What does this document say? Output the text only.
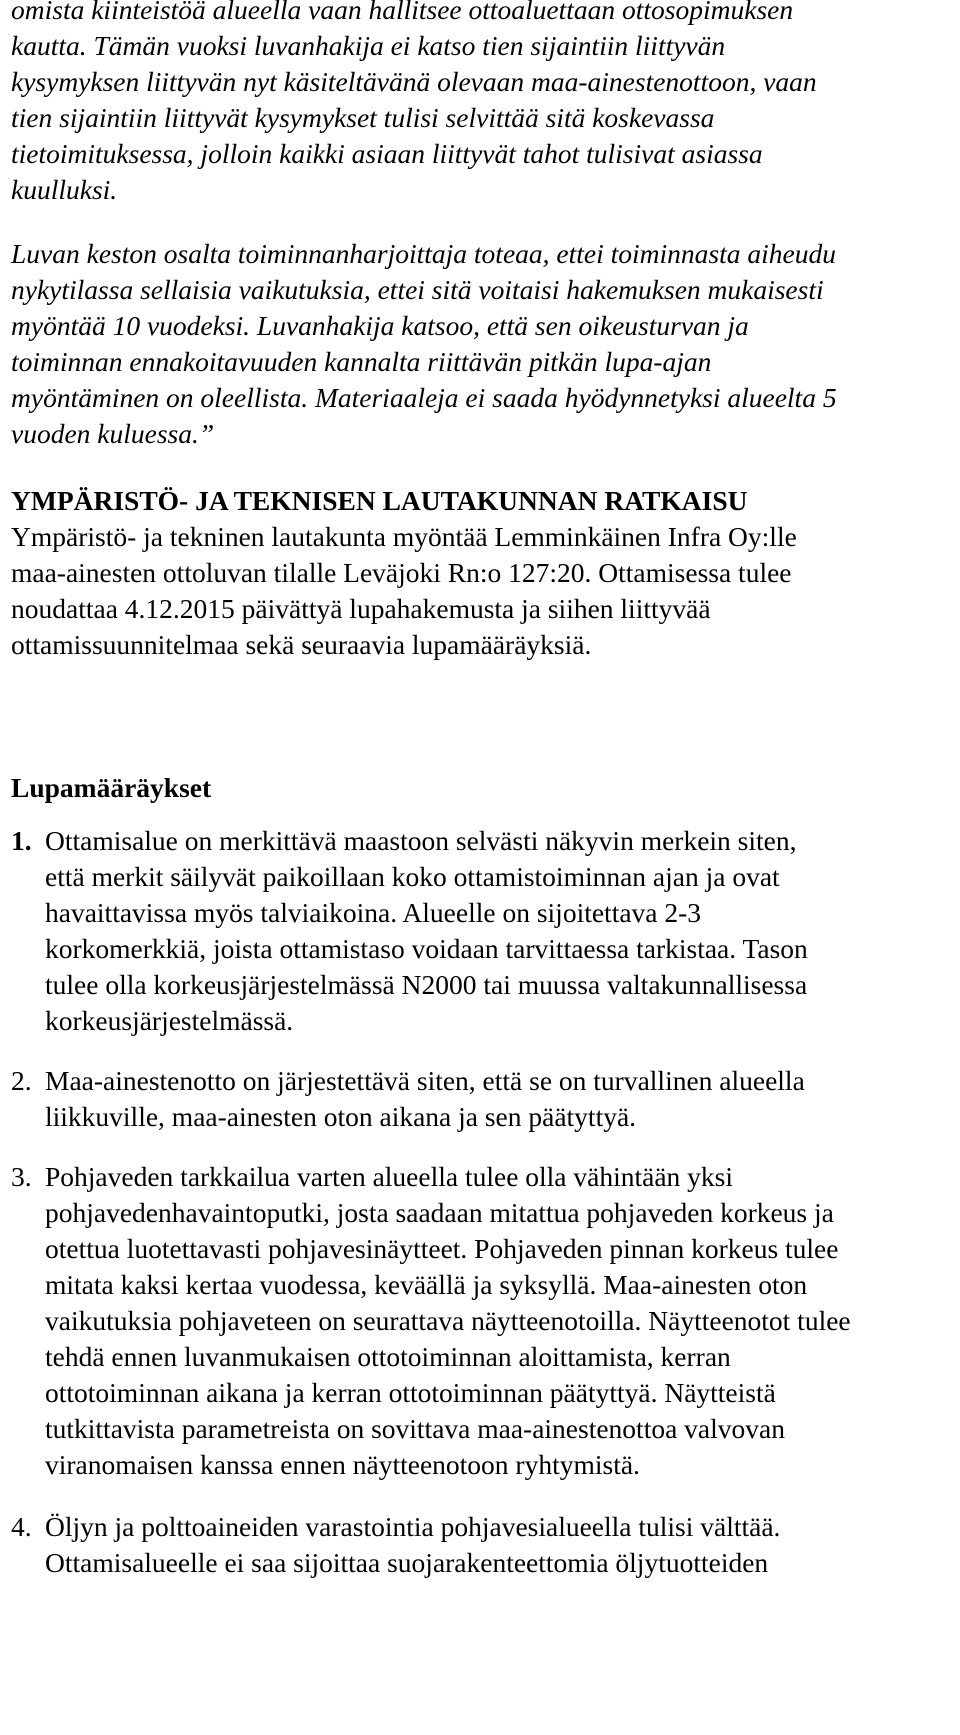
omista kiinteistöä alueella vaan hallitsee ottoaluettaan ottosopimuksen
kautta. Tämän vuoksi luvanhakija ei katso tien sijaintiin liittyvän
kysymyksen liittyvän nyt käsiteltävänä olevaan maa-ainestenottoon, vaan
tien sijaintiin liittyvät kysymykset tulisi selvittää sitä koskevassa
tietoimituksessa, jolloin kaikki asiaan liittyvät tahot tulisivat asiassa
kuulluksi.
Luvan keston osalta toiminnanharjoittaja toteaa, ettei toiminnasta aiheudu
nykytilassa sellaisia vaikutuksia, ettei sitä voitaisi hakemuksen mukaisesti
myöntää 10 vuodeksi. Luvanhakija katsoo, että sen oikeusturvan ja
toiminnan ennakoitavuuden kannalta riittävän pitkän lupa-ajan
myöntäminen on oleellista. Materiaaleja ei saada hyödynnetyksi alueelta 5
vuoden kuluessa.”
YMPÄRISTÖ- JA TEKNISEN LAUTAKUNNAN RATKAISU
Ympäristö- ja tekninen lautakunta myöntää Lemminkäinen Infra Oy:lle
maa-ainesten ottoluvan tilalle Leväjoki Rn:o 127:20. Ottamisessa tulee
noudattaa 4.12.2015 päivättyä lupahakemusta ja siihen liittyvää
ottamissuunnitelmaa sekä seuraavia lupamääräyksiä.
Lupamääräykset
1. Ottamisalue on merkittävä maastoon selvästi näkyvin merkein siten,
että merkit säilyvät paikoillaan koko ottamistoiminnan ajan ja ovat
havaittavissa myös talviaikoina. Alueelle on sijoitettava 2-3
korkomerkkiä, joista ottamistaso voidaan tarvittaessa tarkistaa. Tason
tulee olla korkeusjärjestelmässä N2000 tai muussa valtakunnallisessa
korkeusjärjestelmässä.
2. Maa-ainestenotto on järjestettävä siten, että se on turvallinen alueella
liikkuville, maa-ainesten oton aikana ja sen päätyttyä.
3. Pohjaveden tarkkailua varten alueella tulee olla vähintään yksi
pohjavedenhavaintoputki, josta saadaan mitattua pohjaveden korkeus ja
otettua luotettavasti pohjavesinäytteet. Pohjaveden pinnan korkeus tulee
mitata kaksi kertaa vuodessa, keväällä ja syksyllä. Maa-ainesten oton
vaikutuksia pohjaveteen on seurattava näytteenotoilla. Näytteenotot tulee
tehdä ennen luvanmukaisen ottotoiminnan aloittamista, kerran
ottotoiminnan aikana ja kerran ottotoiminnan päätyttyä. Näytteistä
tutkittavista parametreista on sovittava maa-ainestenottoa valvovan
viranomaisen kanssa ennen näytteenotoon ryhtymistä.
4. Öljyn ja polttoaineiden varastointia pohjavesialueella tulisi välttää.
Ottamisalueelle ei saa sijoittaa suojarakenteettomia öljytuotteiden
